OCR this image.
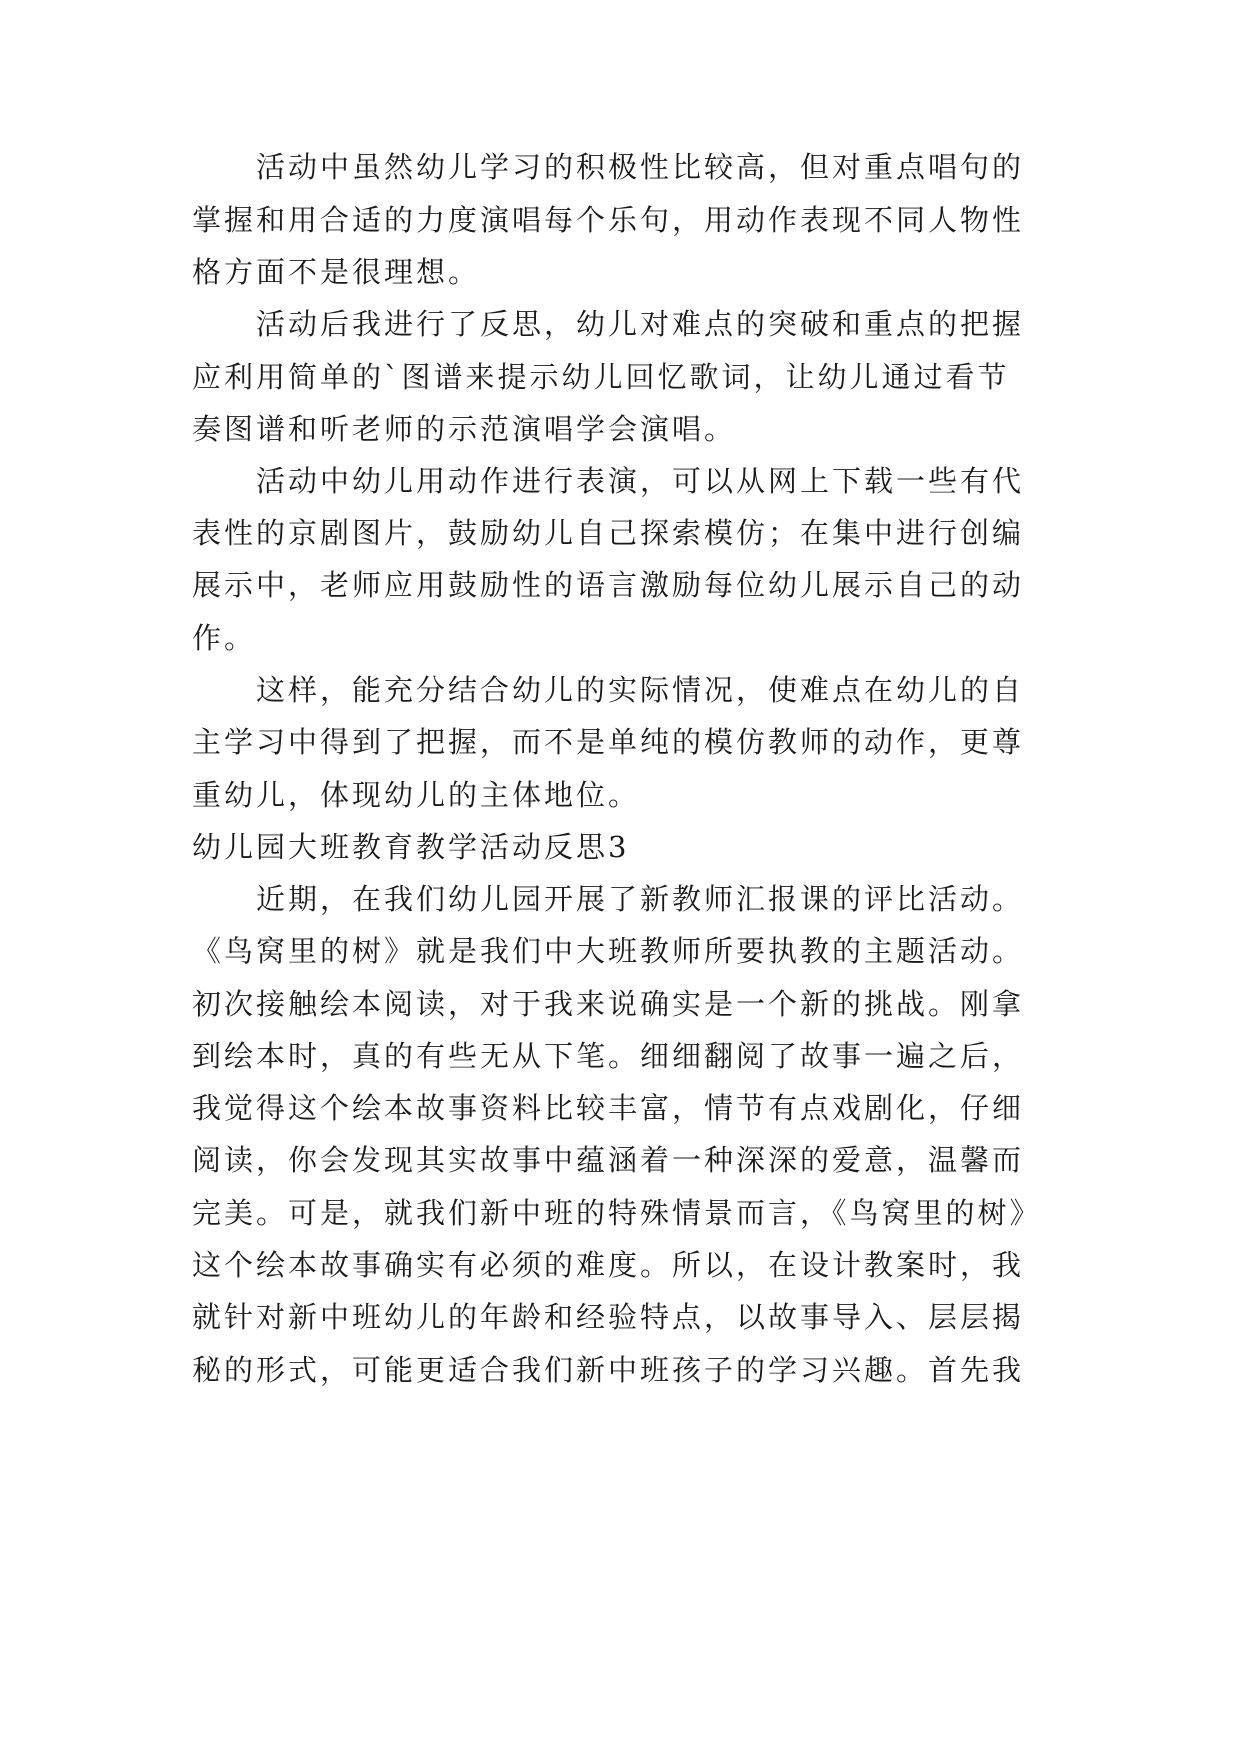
活动中虽然幼儿学习的积极性比较高，但对重点唱句的
掌握和用合适的力度演唱每个乐句，用动作表现不同人物性
格方面不是很理想。
活动后我进行了反思，幼儿对难点的突破和重点的把握
应利用简单的`图谱来提示幼儿回忆歌词，让幼儿通过看节
奏图谱和听老师的示范演唱学会演唱。
活动中幼儿用动作进行表演，可以从网上下载一些有代
表性的京剧图片，鼓励幼儿自己探索模仿；在集中进行创编
展示中，老师应用鼓励性的语言激励每位幼儿展示自己的动
作。
这样，能充分结合幼儿的实际情况，使难点在幼儿的自
主学习中得到了把握，而不是单纯的模仿教师的动作，更尊
重幼儿，体现幼儿的主体地位。
幼儿园大班教育教学活动反思3
近期，在我们幼儿园开展了新教师汇报课的评比活动。
《鸟窝里的树》就是我们中大班教师所要执教的主题活动。
初次接触绘本阅读，对于我来说确实是一个新的挑战。刚拿
到绘本时，真的有些无从下笔。细细翻阅了故事一遍之后，
我觉得这个绘本故事资料比较丰富，情节有点戏剧化，仔细
阅读，你会发现其实故事中蕴涵着一种深深的爱意，温馨而
完美。可是，就我们新中班的特殊情景而言，《鸟窝里的树》
这个绘本故事确实有必须的难度。所以，在设计教案时，我
就针对新中班幼儿的年龄和经验特点，以故事导入、层层揭
秘的形式，可能更适合我们新中班孩子的学习兴趣。首先我
